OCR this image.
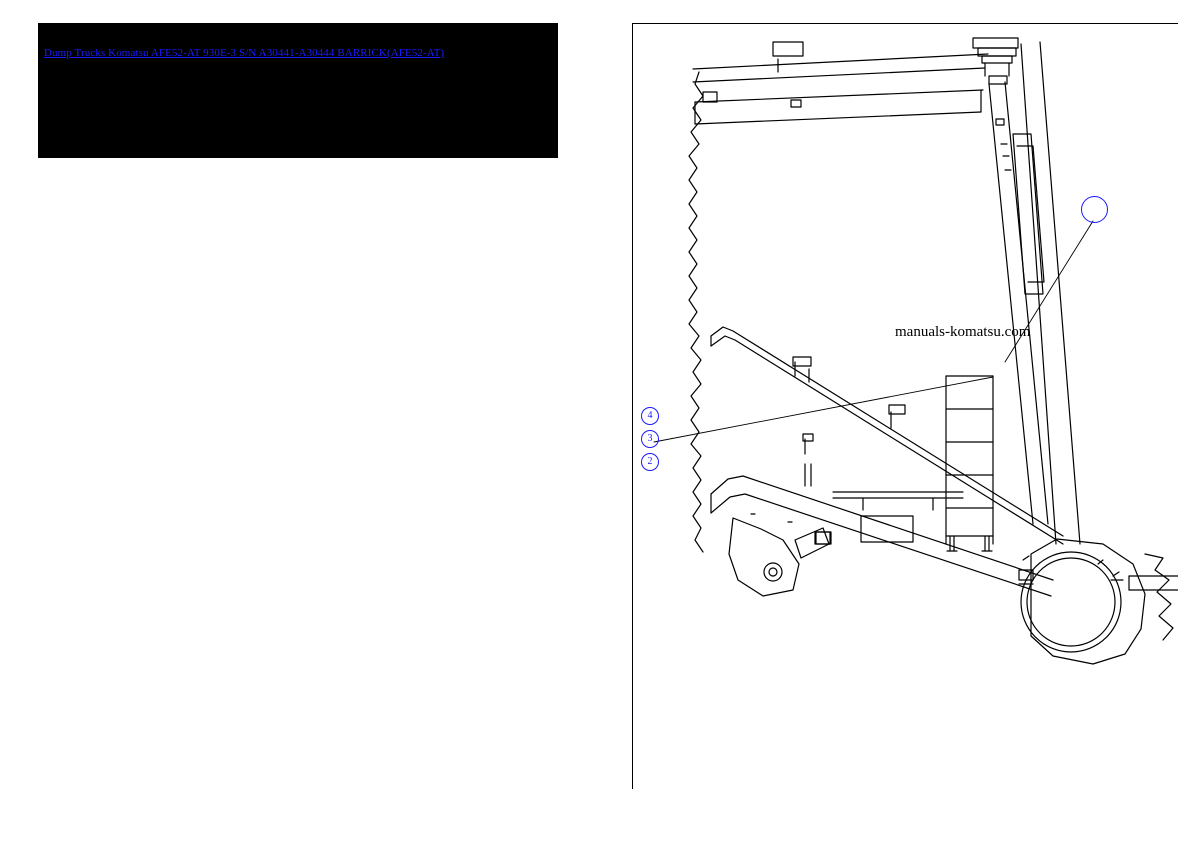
Dump Trucks Komatsu AFE52-AT 930E-3 S/N A30441-A30444 BARRICK(AFE52-AT)
manuals-komatsu.com
4
3
2
